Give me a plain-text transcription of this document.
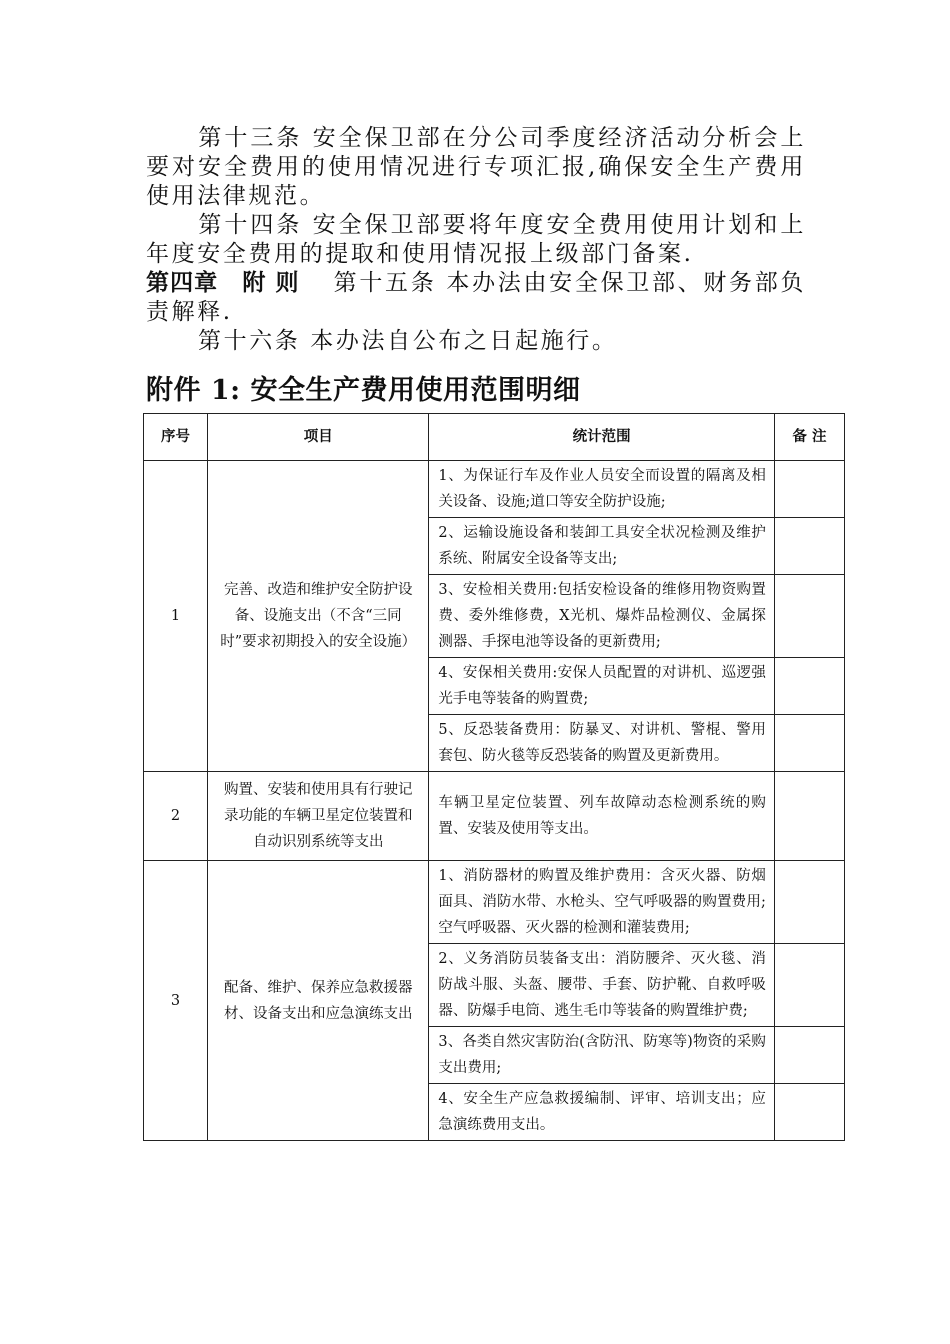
第十三条 安全保卫部在分公司季度经济活动分析会上要对安全费用的使用情况进行专项汇报,确保安全生产费用使用法律规范。
第十四条 安全保卫部要将年度安全费用使用计划和上年度安全费用的提取和使用情况报上级部门备案.
第四章　附 则 第十五条 本办法由安全保卫部、财务部负责解释.
第十六条 本办法自公布之日起施行。
附件 1: 安全生产费用使用范围明细
序号	项目	统计范围	备 注
1	完善、改造和维护安全防护设备、设施支出（不含“三同时”要求初期投入的安全设施）	1、为保证行车及作业人员安全而设置的隔离及相关设备、设施;道口等安全防护设施;	
		2、运输设施设备和装卸工具安全状况检测及维护系统、附属安全设备等支出;	
		3、安检相关费用:包括安检设备的维修用物资购置费、委外维修费，X光机、爆炸品检测仪、金属探测器、手探电池等设备的更新费用;	
		4、安保相关费用:安保人员配置的对讲机、巡逻强光手电等装备的购置费;	
		5、反恐装备费用：防暴叉、对讲机、警棍、警用套包、防火毯等反恐装备的购置及更新费用。	
2	购置、安装和使用具有行驶记录功能的车辆卫星定位装置和自动识别系统等支出	车辆卫星定位装置、列车故障动态检测系统的购置、安装及使用等支出。	
3	配备、维护、保养应急救援器材、设备支出和应急演练支出	1、消防器材的购置及维护费用：含灭火器、防烟面具、消防水带、水枪头、空气呼吸器的购置费用;空气呼吸器、灭火器的检测和灌装费用;	
		2、义务消防员装备支出：消防腰斧、灭火毯、消防战斗服、头盔、腰带、手套、防护靴、自救呼吸器、防爆手电筒、逃生毛巾等装备的购置维护费;	
		3、各类自然灾害防治(含防汛、防寒等)物资的采购支出费用;	
		4、安全生产应急救援编制、评审、培训支出；应急演练费用支出。	
